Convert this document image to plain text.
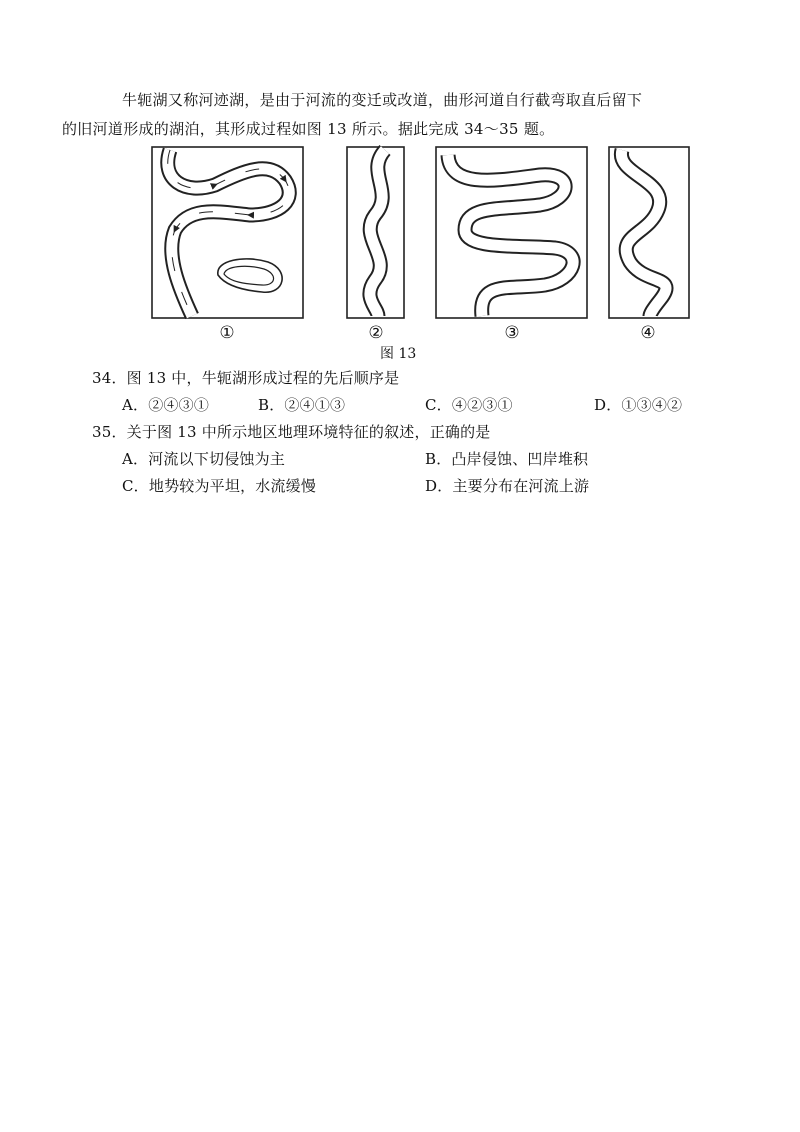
牛轭湖又称河迹湖，是由于河流的变迁或改道，曲形河道自行截弯取直后留下
的旧河道形成的湖泊，其形成过程如图 13 所示。据此完成 34～35 题。
①	②	③	④
图 13
34．图 13 中，牛轭湖形成过程的先后顺序是
A．②④③①	B．②④①③	C．④②③①	D．①③④②
35．关于图 13 中所示地区地理环境特征的叙述，正确的是
A．河流以下切侵蚀为主	B．凸岸侵蚀、凹岸堆积
C．地势较为平坦，水流缓慢	D．主要分布在河流上游
